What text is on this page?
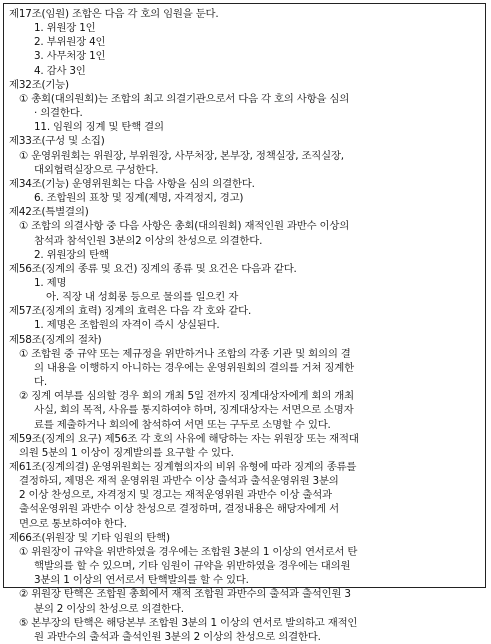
제17조(임원) 조합은 다음 각 호의 임원을 둔다.
1. 위원장 1인
2. 부위원장 4인
3. 사무처장 1인
4. 감사 3인
제32조(기능)
① 총회(대의원회)는 조합의 최고 의결기관으로서 다음 각 호의 사항을 심의
· 의결한다.
11. 임원의 징계 및 탄핵 결의
제33조(구성 및 소집)
① 운영위원회는 위원장, 부위원장, 사무처장, 본부장, 정책실장, 조직실장,
대외협력실장으로 구성한다.
제34조(기능) 운영위원회는 다음 사항을 심의 의결한다.
6. 조합원의 표창 및 징계(제명, 자격정지, 경고)
제42조(특별결의)
① 조합의 의결사항 중 다음 사항은 총회(대의원회) 재적인원 과반수 이상의
참석과 참석인원 3분의2 이상의 찬성으로 의결한다.
2. 위원장의 탄핵
제56조(징계의 종류 및 요건) 징계의 종류 및 요건은 다음과 같다.
1. 제명
아. 직장 내 성희롱 등으로 물의를 일으킨 자
제57조(징계의 효력) 징계의 효력은 다음 각 호와 같다.
1. 제명은 조합원의 자격이 즉시 상실된다.
제58조(징계의 절차)
① 조합원 중 규약 또는 제규정을 위반하거나 조합의 각종 기관 및 회의의 결
의 내용을 이행하지 아니하는 경우에는 운영위원회의 결의를 거쳐 징계한
다.
② 징계 여부를 심의할 경우 회의 개최 5일 전까지 징계대상자에게 회의 개최
사실, 회의 목적, 사유를 통지하여야 하며, 징계대상자는 서면으로 소명자
료를 제출하거나 회의에 참석하여 서면 또는 구두로 소명할 수 있다.
제59조(징계의 요구) 제56조 각 호의 사유에 해당하는 자는 위원장 또는 재적대
의원 5분의 1 이상이 징계발의를 요구할 수 있다.
제61조(징계의결) 운영위원회는 징계혐의자의 비위 유형에 따라 징계의 종류를
결정하되, 제명은 재적 운영위원 과반수 이상 출석과 출석운영위원 3분의
2 이상 찬성으로, 자격정지 및 경고는 재적운영위원 과반수 이상 출석과
출석운영위원 과반수 이상 찬성으로 결정하며, 결정내용은 해당자에게 서
면으로 통보하여야 한다.
제66조(위원장 및 기타 임원의 탄핵)
① 위원장이 규약을 위반하였을 경우에는 조합원 3분의 1 이상의 연서로서 탄
핵발의를 할 수 있으며, 기타 임원이 규약을 위반하였을 경우에는 대의원
3분의 1 이상의 연서로서 탄핵발의를 할 수 있다.
② 위원장 탄핵은 조합원 총회에서 재적 조합원 과반수의 출석과 출석인원 3
분의 2 이상의 찬성으로 의결한다.
⑤ 본부장의 탄핵은 해당본부 조합원 3분의 1 이상의 연서로 발의하고 재적인
원 과반수의 출석과 출석인원 3분의 2 이상의 찬성으로 의결한다.
